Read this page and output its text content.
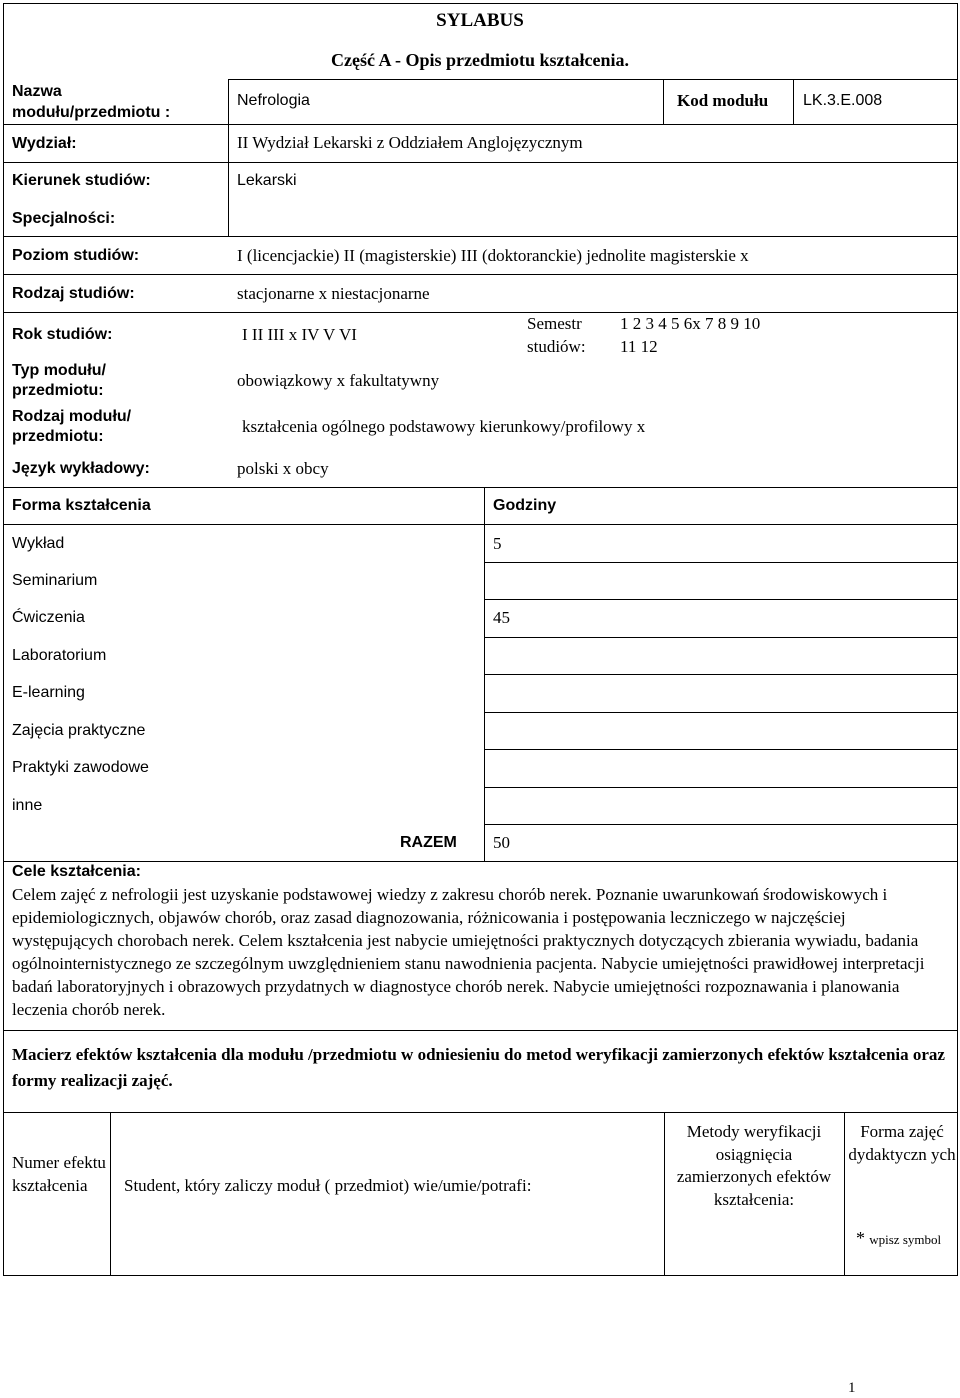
SYLABUS
Część A - Opis przedmiotu kształcenia.
Nazwa modułu/przedmiotu :
Nefrologia	Kod modułu LK.3.E.008
Wydział:	II Wydział Lekarski z Oddziałem Anglojęzycznym
Kierunek studiów:	Lekarski
Specjalności:
Poziom studiów:	I (licencjackie) II (magisterskie) III (doktoranckie) jednolite magisterskie x
Rodzaj studiów:	stacjonarne x niestacjonarne
Rok studiów:	I II III x IV V VI
Semestr
studiów:
1 2 3 4 5 6x 7 8 9 10
11 12
Typ modułu/ przedmiotu:
obowiązkowy x fakultatywny
Rodzaj modułu/ przedmiotu:
kształcenia ogólnego podstawowy kierunkowy/profilowy x
Język wykładowy:	polski x obcy
Forma kształcenia	Godziny
Wykład	5
Seminarium
Ćwiczenia	45
Laboratorium
E-learning
Zajęcia praktyczne
Praktyki zawodowe
inne
RAZEM 50
Cele kształcenia:
Celem zajęć z nefrologii jest uzyskanie podstawowej wiedzy z zakresu chorób nerek. Poznanie uwarunkowań środowiskowych i epidemiologicznych, objawów chorób, oraz zasad diagnozowania, różnicowania i postępowania leczniczego w najczęściej występujących chorobach nerek. Celem kształcenia jest nabycie umiejętności praktycznych dotyczących zbierania wywiadu, badania ogólnointernistycznego ze szczególnym uwzględnieniem stanu nawodnienia pacjenta. Nabycie umiejętności prawidłowej interpretacji badań laboratoryjnych i obrazowych przydatnych w diagnostyce chorób nerek. Nabycie umiejętności rozpoznawania i planowania leczenia chorób nerek.
Macierz efektów kształcenia dla modułu /przedmiotu w odniesieniu do metod weryfikacji zamierzonych efektów kształcenia oraz formy realizacji zajęć.
Numer efektu kształcenia	Student, który zaliczy moduł ( przedmiot) wie/umie/potrafi:
Metody weryfikacji osiągnięcia zamierzonych efektów kształcenia:
Forma zajęć dydaktyczn ych
* wpisz symbol
1
